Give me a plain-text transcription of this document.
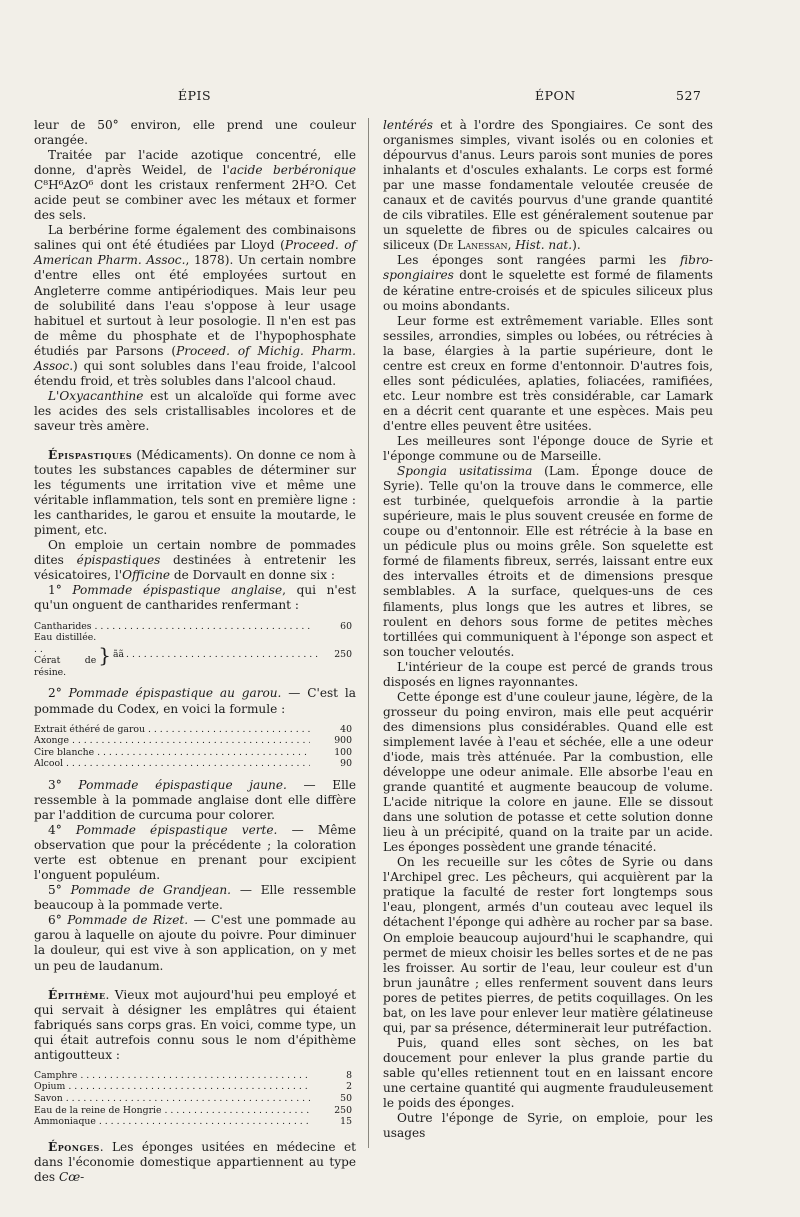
ÉPIS	ÉPON	527

leur de 50° environ, elle prend une couleur orangée.

Traitée par l'acide azotique concentré, elle donne, d'après Weidel, de l'acide berbéronique C⁸H⁶AzO⁶ dont les cristaux renferment 2H²O. Cet acide peut se combiner avec les métaux et former des sels.

La berbérine forme également des combinaisons salines qui ont été étudiées par Lloyd (Proceed. of American Pharm. Assoc., 1878). Un certain nombre d'entre elles ont été employées surtout en Angleterre comme antipériodiques. Mais leur peu de solubilité dans l'eau s'oppose à leur usage habituel et surtout à leur posologie. Il n'en est pas de même du phosphate et de l'hypophosphate étudiés par Parsons (Proceed. of Michig. Pharm. Assoc.) qui sont solubles dans l'eau froide, l'alcool étendu froid, et très solubles dans l'alcool chaud.

L'Oxyacanthine est un alcaloïde qui forme avec les acides des sels cristallisables incolores et de saveur très amère.

Épispastiques (Médicaments). On donne ce nom à toutes les substances capables de déterminer sur les téguments une irritation vive et même une véritable inflammation, tels sont en première ligne : les cantharides, le garou et ensuite la moutarde, le piment, etc.

On emploie un certain nombre de pommades dites épispastiques destinées à entretenir les vésicatoires, l'Officine de Dorvault en donne six :

1° Pommade épispastique anglaise, qui n'est qu'un onguent de cantharides renfermant :

Cantharides . . .	60
Eau distillée. . .
Cérat de résine.
} ãã . . .	250

2° Pommade épispastique au garou. — C'est la pommade du Codex, en voici la formule :

Extrait éthéré de garou . . .	40
Axonge . . .	900
Cire blanche . . .	100
Alcool . . .	90

3° Pommade épispastique jaune. — Elle ressemble à la pommade anglaise dont elle diffère par l'addition de curcuma pour colorer.

4° Pommade épispastique verte. — Même observation que pour la précédente ; la coloration verte est obtenue en prenant pour excipient l'onguent populéum.

5° Pommade de Grandjean. — Elle ressemble beaucoup à la pommade verte.

6° Pommade de Rizet. — C'est une pommade au garou à laquelle on ajoute du poivre. Pour diminuer la douleur, qui est vive à son application, on y met un peu de laudanum.

Épithème. Vieux mot aujourd'hui peu employé et qui servait à désigner les emplâtres qui étaient fabriqués sans corps gras. En voici, comme type, un qui était autrefois connu sous le nom d'épithème antigoutteux :

Camphre . . .	8
Opium . . .	2
Savon . . .	50
Eau de la reine de Hongrie . . .	250
Ammoniaque . . .	15

Éponges. Les éponges usitées en médecine et dans l'économie domestique appartiennent au type des Cœ-

lentérés et à l'ordre des Spongiaires. Ce sont des organismes simples, vivant isolés ou en colonies et dépourvus d'anus. Leurs parois sont munies de pores inhalants et d'oscules exhalants. Le corps est formé par une masse fondamentale veloutée creusée de canaux et de cavités pourvus d'une grande quantité de cils vibratiles. Elle est généralement soutenue par un squelette de fibres ou de spicules calcaires ou siliceux (De Lanessan, Hist. nat.).

Les éponges sont rangées parmi les fibro-spongiaires dont le squelette est formé de filaments de kératine entre-croisés et de spicules siliceux plus ou moins abondants.

Leur forme est extrêmement variable. Elles sont sessiles, arrondies, simples ou lobées, ou rétrécies à la base, élargies à la partie supérieure, dont le centre est creux en forme d'entonnoir. D'autres fois, elles sont pédiculées, aplaties, foliacées, ramifiées, etc. Leur nombre est très considérable, car Lamark en a décrit cent quarante et une espèces. Mais peu d'entre elles peuvent être usitées.

Les meilleures sont l'éponge douce de Syrie et l'éponge commune ou de Marseille.

Spongia usitatissima (Lam. Éponge douce de Syrie). Telle qu'on la trouve dans le commerce, elle est turbinée, quelquefois arrondie à la partie supérieure, mais le plus souvent creusée en forme de coupe ou d'entonnoir. Elle est rétrécie à la base en un pédicule plus ou moins grêle. Son squelette est formé de filaments fibreux, serrés, laissant entre eux des intervalles étroits et de dimensions presque semblables. A la surface, quelques-uns de ces filaments, plus longs que les autres et libres, se roulent en dehors sous forme de petites mèches tortillées qui communiquent à l'éponge son aspect et son toucher veloutés.

L'intérieur de la coupe est percé de grands trous disposés en lignes rayonnantes.

Cette éponge est d'une couleur jaune, légère, de la grosseur du poing environ, mais elle peut acquérir des dimensions plus considérables. Quand elle est simplement lavée à l'eau et séchée, elle a une odeur d'iode, mais très atténuée. Par la combustion, elle développe une odeur animale. Elle absorbe l'eau en grande quantité et augmente beaucoup de volume. L'acide nitrique la colore en jaune. Elle se dissout dans une solution de potasse et cette solution donne lieu à un précipité, quand on la traite par un acide. Les éponges possèdent une grande ténacité.

On les recueille sur les côtes de Syrie ou dans l'Archipel grec. Les pêcheurs, qui acquièrent par la pratique la faculté de rester fort longtemps sous l'eau, plongent, armés d'un couteau avec lequel ils détachent l'éponge qui adhère au rocher par sa base. On emploie beaucoup aujourd'hui le scaphandre, qui permet de mieux choisir les belles sortes et de ne pas les froisser. Au sortir de l'eau, leur couleur est d'un brun jaunâtre ; elles renferment souvent dans leurs pores de petites pierres, de petits coquillages. On les bat, on les lave pour enlever leur matière gélatineuse qui, par sa présence, déterminerait leur putréfaction.

Puis, quand elles sont sèches, on les bat doucement pour enlever la plus grande partie du sable qu'elles retiennent tout en en laissant encore une certaine quantité qui augmente frauduleusement le poids des éponges.

Outre l'éponge de Syrie, on emploie, pour les usages
